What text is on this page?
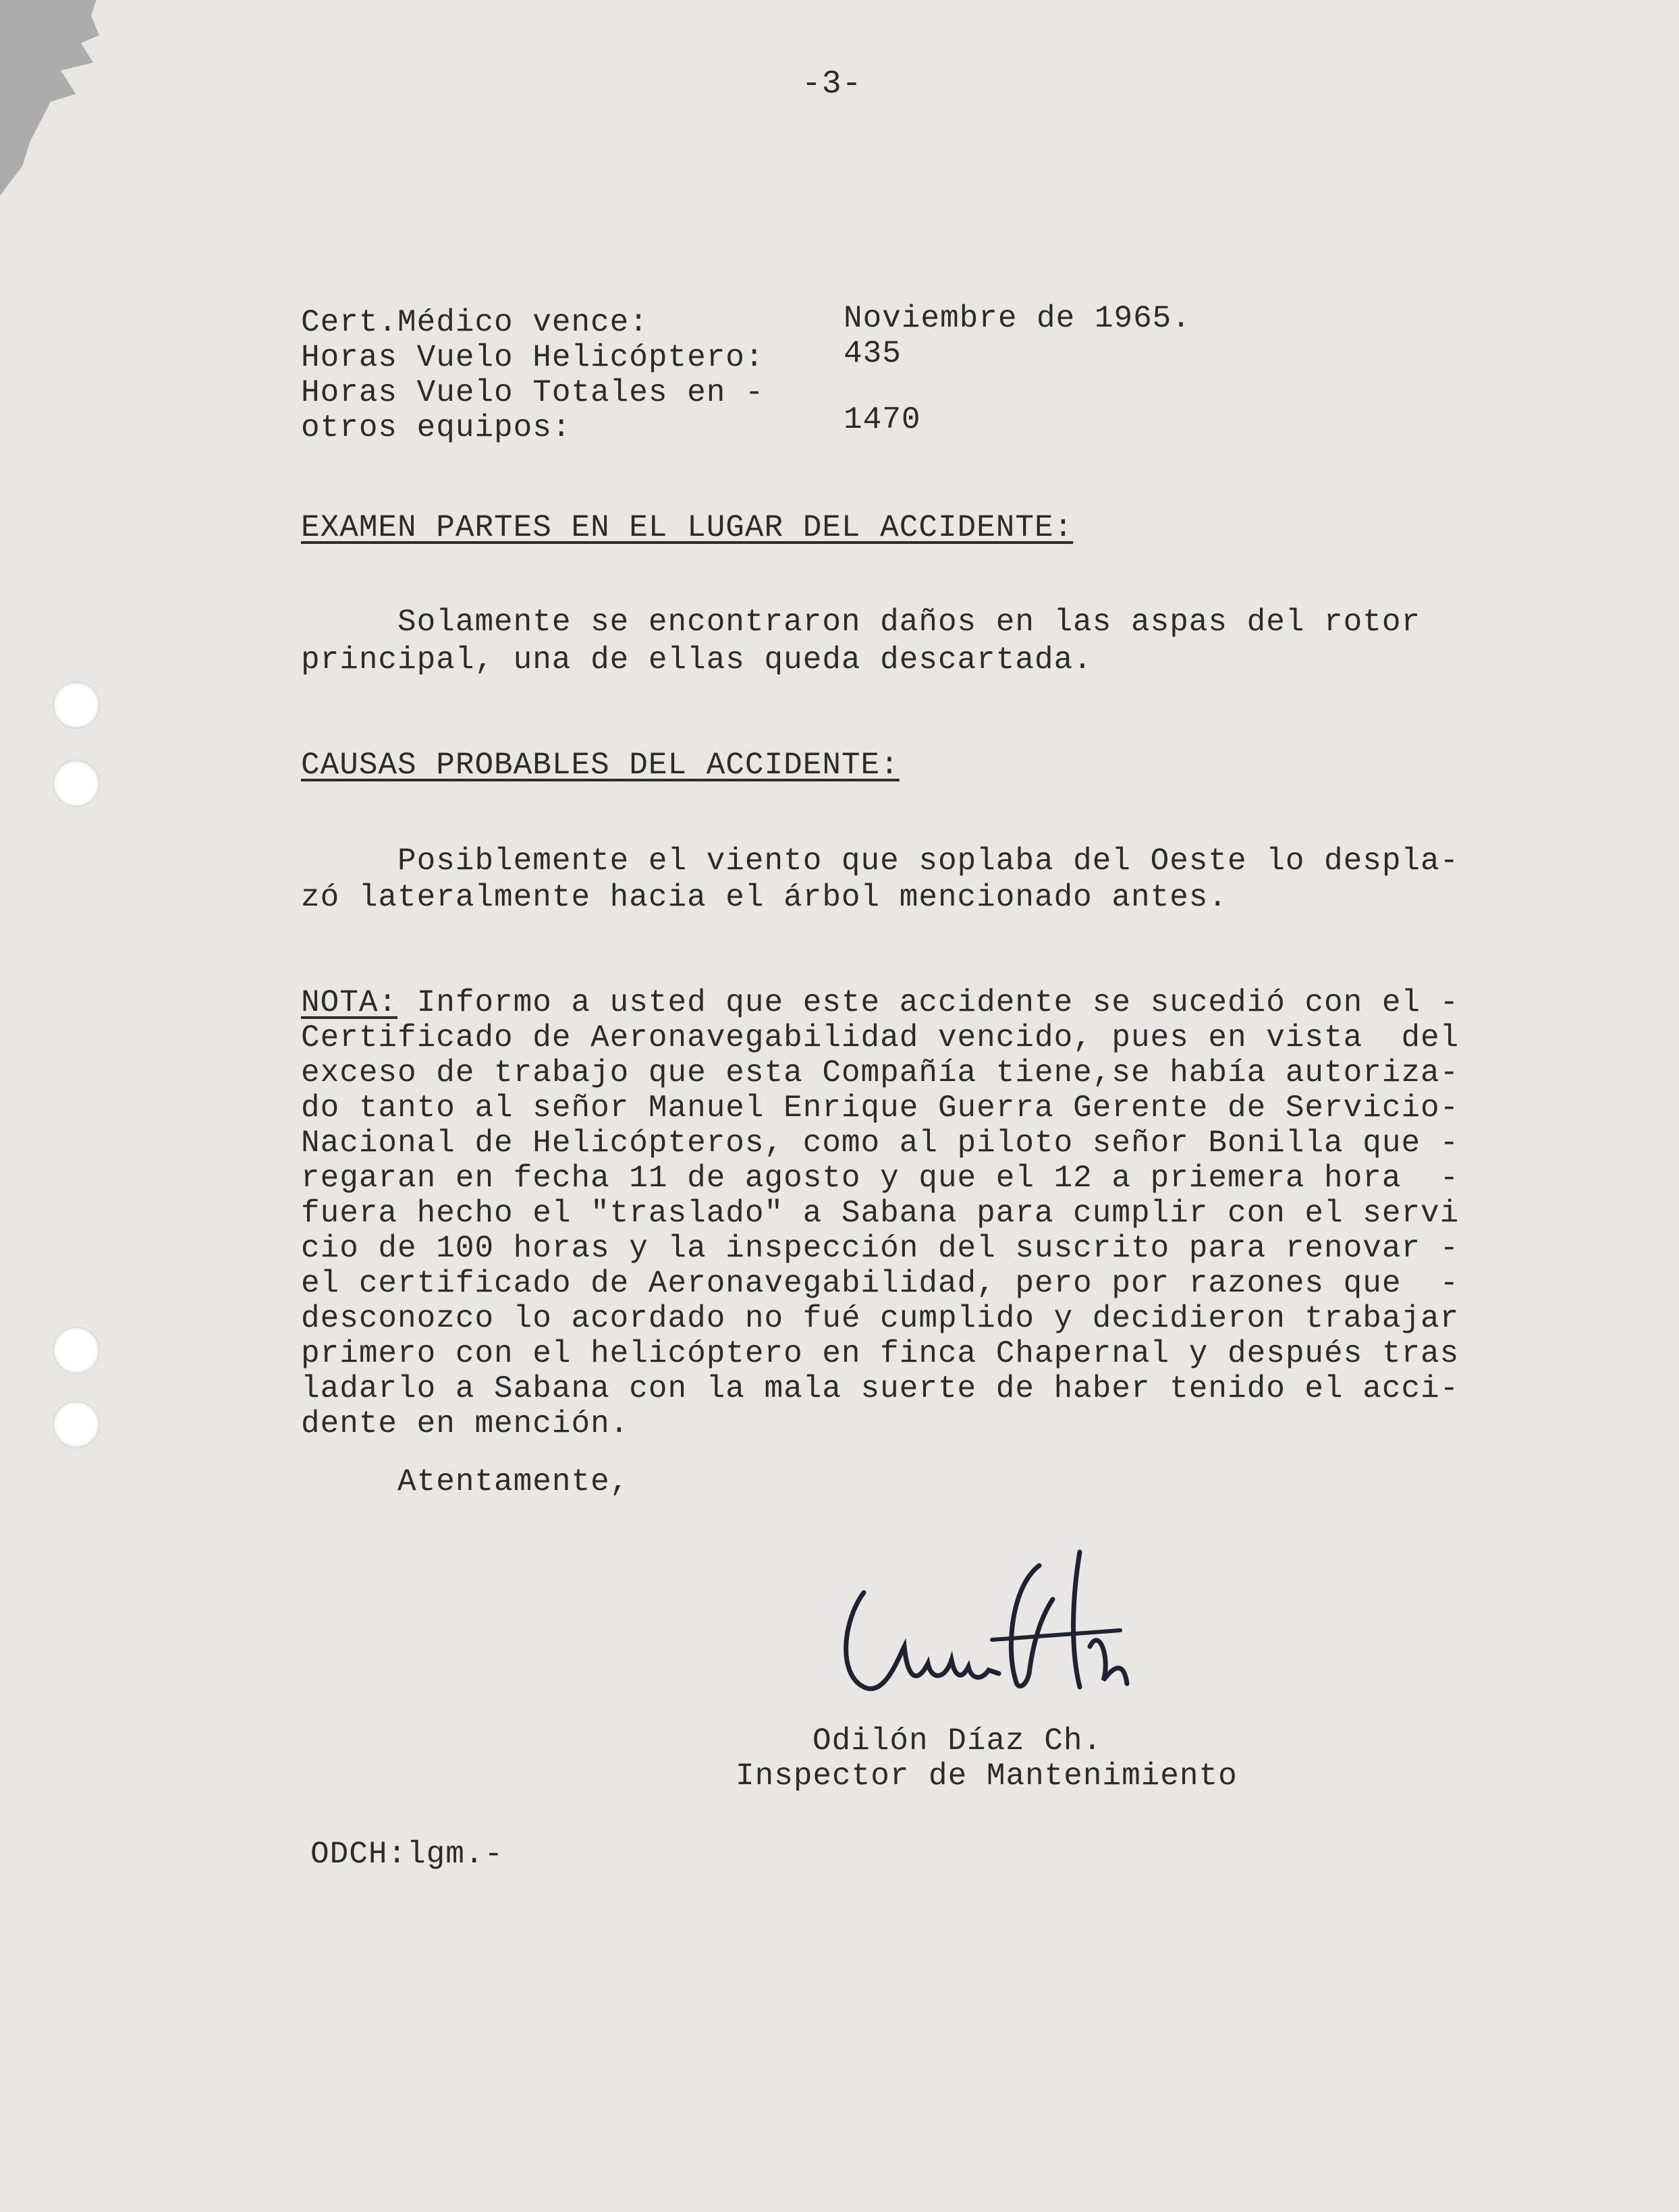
-3-
Cert.Médico vence:	Noviembre de 1965.
Horas Vuelo Helicóptero:	435
Horas Vuelo Totales en -
otros equipos:	1470
EXAMEN PARTES EN EL LUGAR DEL ACCIDENTE:
Solamente se encontraron daños en las aspas del rotor
principal, una de ellas queda descartada.
CAUSAS PROBABLES DEL ACCIDENTE:
Posiblemente el viento que soplaba del Oeste lo despla-
zó lateralmente hacia el árbol mencionado antes.
NOTA: Informo a usted que este accidente se sucedió con el -
Certificado de Aeronavegabilidad vencido, pues en vista  del
exceso de trabajo que esta Compañía tiene,se había autoriza-
do tanto al señor Manuel Enrique Guerra Gerente de Servicio-
Nacional de Helicópteros, como al piloto señor Bonilla que -
regaran en fecha 11 de agosto y que el 12 a priemera hora  -
fuera hecho el "traslado" a Sabana para cumplir con el servi
cio de 100 horas y la inspección del suscrito para renovar -
el certificado de Aeronavegabilidad, pero por razones que  -
desconozco lo acordado no fué cumplido y decidieron trabajar
primero con el helicóptero en finca Chapernal y después tras
ladarlo a Sabana con la mala suerte de haber tenido el acci-
dente en mención.
Atentamente,
Odilón Díaz Ch.
Inspector de Mantenimiento
ODCH:lgm.-
